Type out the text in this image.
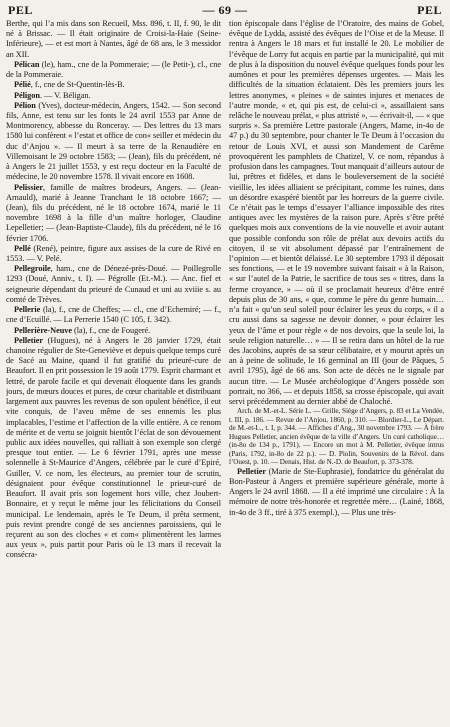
PEL	— 69 —	PEL

Berthe, qui l’a mis dans son Recueil, Mss. 896, t. II, f. 90, le dit né à Brissac. — Il était originaire de Croisi-la-Haie (Seine-Inférieure), — et est mort à Nantes, âgé de 68 ans, le 3 messidor an XII.

Pélican (le), ham., cne de la Pommeraie; — (le Petit-), cl., cne de la Pommeraie.

Pélié, f., cne de St-Quentin-lès-B.

Péligon. — V. Béligan.

Pélion (Yves), docteur-médecin, Angers, 1542. — Son second fils, Anne, est tenu sur les fonts le 24 avril 1553 par Anne de Montmorency, abbesse du Ronceray. — Des lettres du 13 mars 1580 lui confèrent « l’estat et office de con« seiller et médecin du duc d’Anjou ». — Il meurt à sa terre de la Renaudière en Villemoisant le 29 octobre 1583; — (Jean), fils du précédent, né à Angers le 21 juillet 1553, y est reçu docteur en la Faculté de médecine, le 20 novembre 1578. Il vivait encore en 1608.

Pelissier, famille de maîtres brodeurs, Angers. — (Jean-Arnauld), marié à Jeanne Tranchant le 18 octobre 1667; — (Jean), fils du précédent, né le 18 octobre 1674, marié le 11 novembre 1698 à la fille d’un maître horloger, Claudine Lepelletier; — (Jean-Baptiste-Claude), fils du précédent, né le 16 février 1706.

Pellé (René), peintre, figure aux assises de la cure de Rivé en 1553. — V. Pelé.

Pellegroile, ham., cne de Dénezé-près-Doué. — Poillegrolle 1293 (Doué, Anniv., t. I). — Pégrolle (Et.-M.). — Anc. fief et seigneurie dépendant du prieuré de Cunaud et uni au xviiie s. au comté de Trèves.

Pellerie (la), f., cne de Cheffes; — cl., cne d’Echemiré; — f., cne d’Ecuillé. — La Perrerie 1540 (C 105, f. 342).

Pellerière-Neuve (la), f., cne de Fougeré.

Pelletier (Hugues), né à Angers le 28 janvier 1729, était chanoine régulier de Ste-Geneviève et depuis quelque temps curé de Sacé au Maine, quand il fut gratifié du prieuré-cure de Beaufort. Il en prit possession le 19 août 1779. Esprit charmant et lettré, de parole facile et qui devenait éloquente dans les grands jours, de mœurs douces et pures, de cœur charitable et distribuant largement aux pauvres les revenus de son opulent bénéfice, il eut vite conquis, de l’aveu même de ses ennemis les plus implacables, l’estime et l’affection de la ville entière. A ce renom de mérite et de vertu se joignit bientôt l’éclat de son dévouement public aux idées nouvelles, qui ralliait à son exemple son clergé presque tout entier. — Le 6 février 1791, après une messe solennelle à St-Maurice d’Angers, célébrée par le curé d’Epiré, Guiller, V. ce nom, les électeurs, au premier tour de scrutin, désignaient pour évêque constitutionnel le prieur-curé de Beaufort. Il avait pris son logement hors ville, chez Joubert-Bonnaire, et y reçut le même jour les félicitations du Conseil municipal. Le lendemain, après le Te Deum, il prêta serment, puis revint prendre congé de ses anciennes paroissiens, qui le reçurent au son des cloches « et com« plimentèrent les larmes aux yeux », puis partit pour Paris où le 13 mars il recevait la consécra-

tion épiscopale dans l’église de l’Oratoire, des mains de Gobel, évêque de Lydda, assisté des évêques de l’Oise et de la Meuse. Il rentra à Angers le 18 mars et fut installé le 20. Le mobilier de l’évêque de Lorry fut acquis en partie par la municipalité, qui mit de plus à la disposition du nouvel évêque quelques fonds pour les aumônes et pour les premières dépenses urgentes. — Mais les difficultés de la situation éclataient. Dès les premiers jours les lettres anonymes, « pleines « de saintes injures et menaces de l’autre monde, « et, qui pis est, de celui-ci », assaillaient sans relâche le nouveau prélat, « plus attristé », — écrivait-il, — « que surpris ». Sa première Lettre pastorale (Angers, Mame, in-4o de 47 p.) du 30 septembre, pour chanter le Te Deum à l’occasion du retour de Louis XVI, et aussi son Mandement de Carême provoquèrent les pamphlets de Chatizel, V. ce nom, répandus à profusion dans les campagnes. Tout manquait d’ailleurs autour de lui, prêtres et fidèles, et dans le bouleversement de la société vieillie, les idées alliaient se précipitant, comme les ruines, dans un désordre exaspéré bientôt par les horreurs de la guerre civile. Ce n’était pas le temps d’essayer l’alliance impossible des rites antiques avec les mystères de la raison pure. Après s’être prêté quelques mois aux conventions de la vie nouvelle et avoir autant que possible confondu son rôle de prélat aux devoirs actifs du citoyen, il se vit absolument dépassé par l’entraînement de l’opinion — et bientôt délaissé. Le 30 septembre 1793 il déposait ses fonctions, — et le 19 novembre suivant faisait « à la Raison, « sur l’autel de la Patrie, le sacrifice de tous ses « titres, dans la ferme croyance, » — où il se proclamait heureux d’être entré depuis plus de 30 ans, « que, comme le père du genre humain… n’a fait « qu’un seul soleil pour éclairer les yeux du corps, « il a cru aussi dans sa sagesse ne devoir donner, « pour éclairer les yeux de l’âme et pour règle « de nos devoirs, que la seule loi, la seule religion naturelle… » — Il se retira dans un hôtel de la rue des Jacobins, auprès de sa sœur célibataire, et y mourut après un an à peine de solitude, le 16 germinal an III (jour de Pâques, 5 avril 1795), âgé de 66 ans. Son acte de décès ne le signale par aucun titre. — Le Musée archéologique d’Angers possède son portrait, no 366, — et depuis 1858, sa crosse épiscopale, qui avait servi précédemment au dernier abbé de Chaloché.

Arch. de M.-et-L. Série L. — Grille, Siège d’Angers, p. 83 et La Vendée, t. III, p. 186. — Revue de l’Anjou, 1860, p. 310. — Blordier-L., Le Départ. de M.-et-L., t. I, p. 344. — Affiches d’Ang., 30 novembre 1793. — À frère Hugues Pelletier, ancien évêque de la ville d’Angers. Un curé catholique… (in-8o de 134 p., 1791). — Encore un mot à M. Pelletier, évêque intrus (Paris, 1792, in-8o de 22 p.). — D. Piolin, Souvenirs de la Révol. dans l’Ouest, p. 10. — Denais, Hist. de N.-D. de Beaufort, p. 373-378.

Pelletier (Marie de Ste-Euphrasie), fondatrice du généralat du Bon-Pasteur à Angers et première supérieure générale, morte à Angers le 24 avril 1868. — Il a été imprimé une circulaire : À la mémoire de notre très-honorée et regrettée mère… (Lainé, 1868, in-4o de 3 ff., tiré à 375 exempl.), — Plus une très-
